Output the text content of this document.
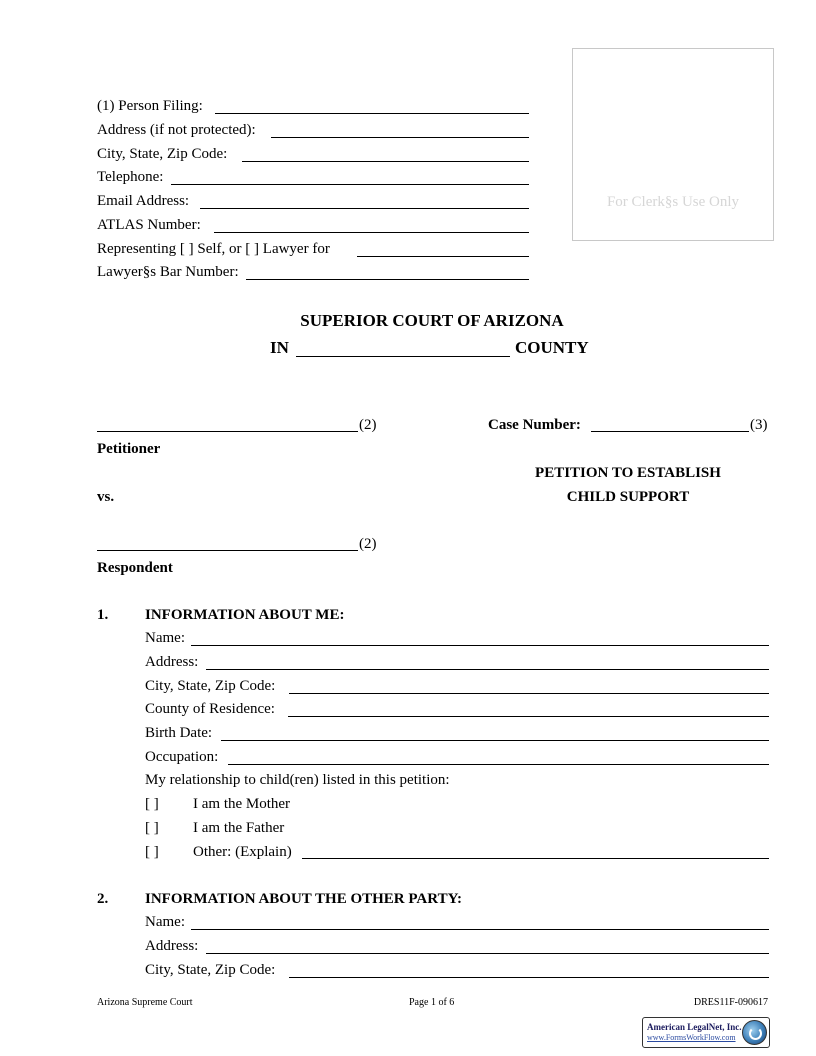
For Clerk§s Use Only
(1) Person Filing:
Address (if not protected):
City, State, Zip Code:
Telephone:
Email Address:
ATLAS Number:
Representing [ ] Self, or [ ] Lawyer for
Lawyer§s Bar Number:
SUPERIOR COURT OF ARIZONA
IN	COUNTY
(2)
Petitioner
vs.
(2)
Respondent
Case Number:	(3)
PETITION TO ESTABLISH
CHILD SUPPORT
1. INFORMATION ABOUT ME:
Name:
Address:
City, State, Zip Code:
County of Residence:
Birth Date:
Occupation:
My relationship to child(ren) listed in this petition:
[ ] I am the Mother
[ ] I am the Father
[ ] Other: (Explain)
2. INFORMATION ABOUT THE OTHER PARTY:
Name:
Address:
City, State, Zip Code:
Arizona Supreme Court	Page 1 of 6	DRES11F-090617
American LegalNet, Inc.
www.FormsWorkFlow.com
